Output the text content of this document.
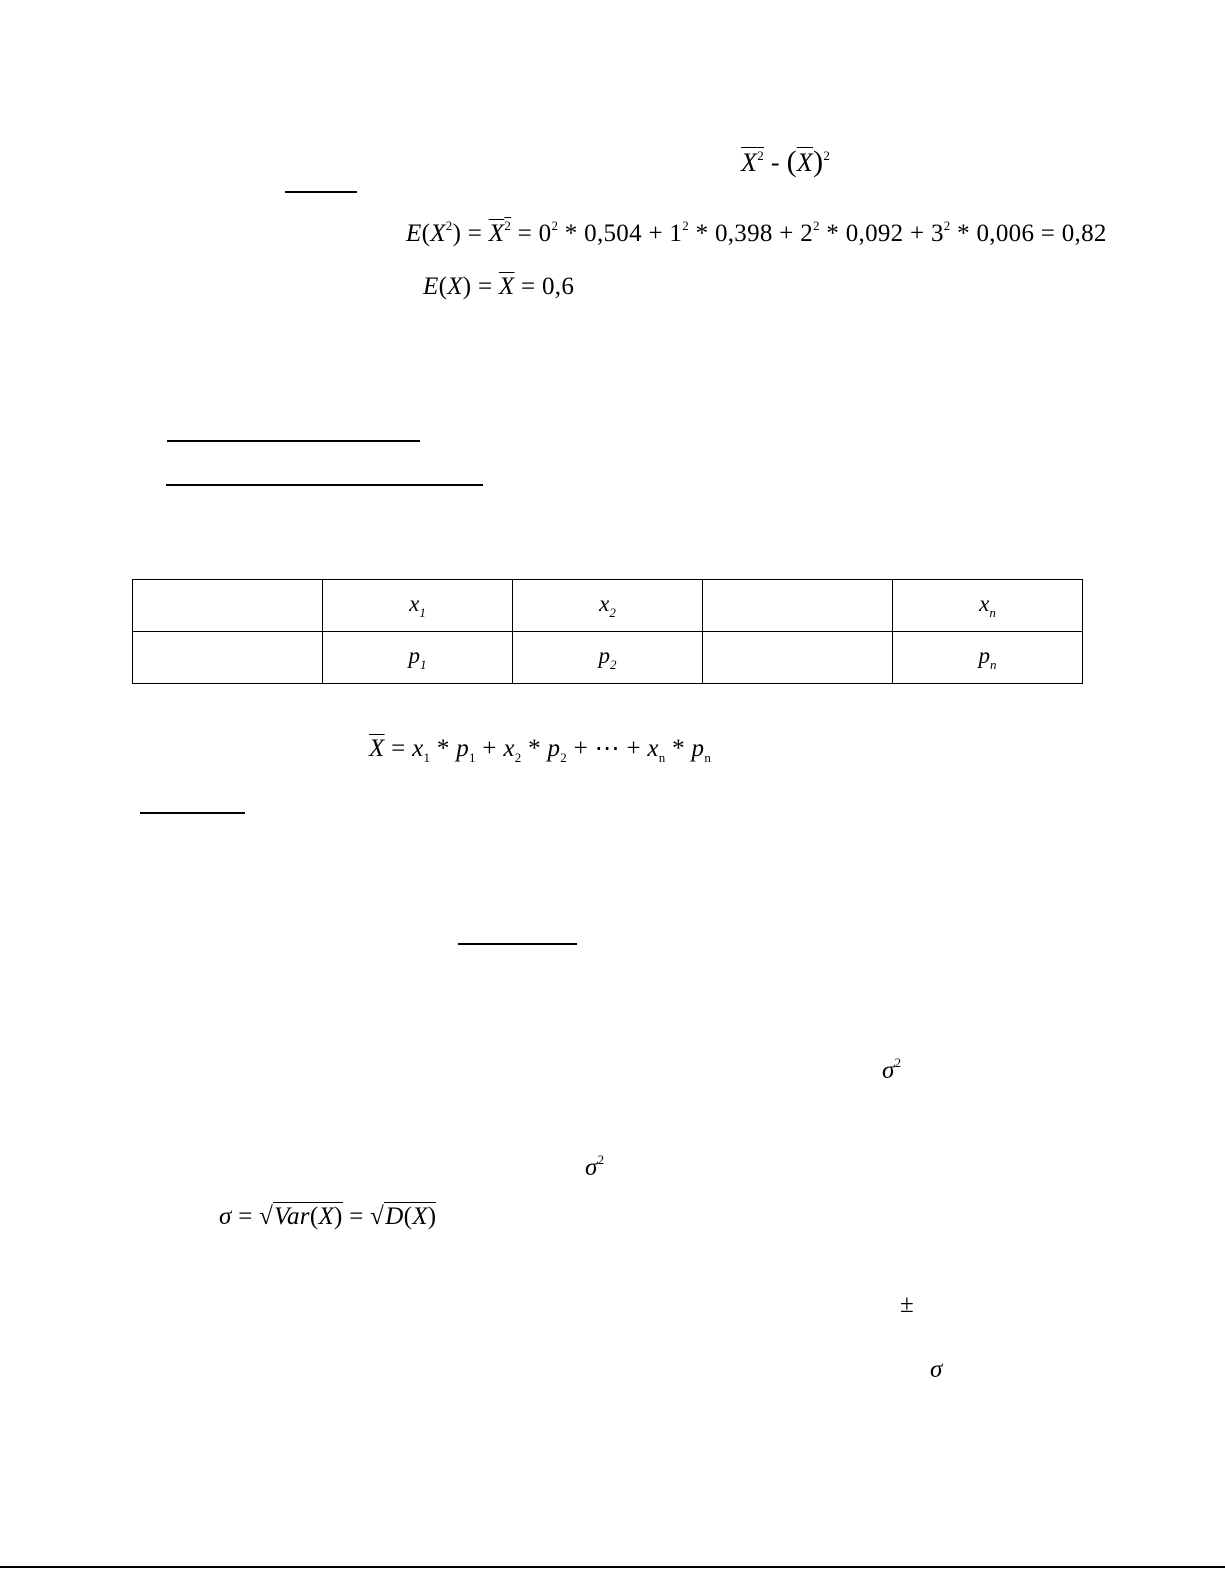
$X^2 - (\overline{X})^2$
$E(X^2) = X^2 = 0^2 * 0,504 + 1^2 * 0,398 + 2^2 * 0,092 + 3^2 * 0,006 = 0,82$
$E(X) = \overline{X} = 0,6$
	$x_1$	$x_2$		$x_n$
	$p_1$	$p_2$		$p_n$
$\overline{X} = x_1 * p_1 + x_2 * p_2$ + ⋯ + $x_n * p_n$
$\sigma^2$
$\sigma^2$
σ = √Var(X) = √D(X)
±
σ
